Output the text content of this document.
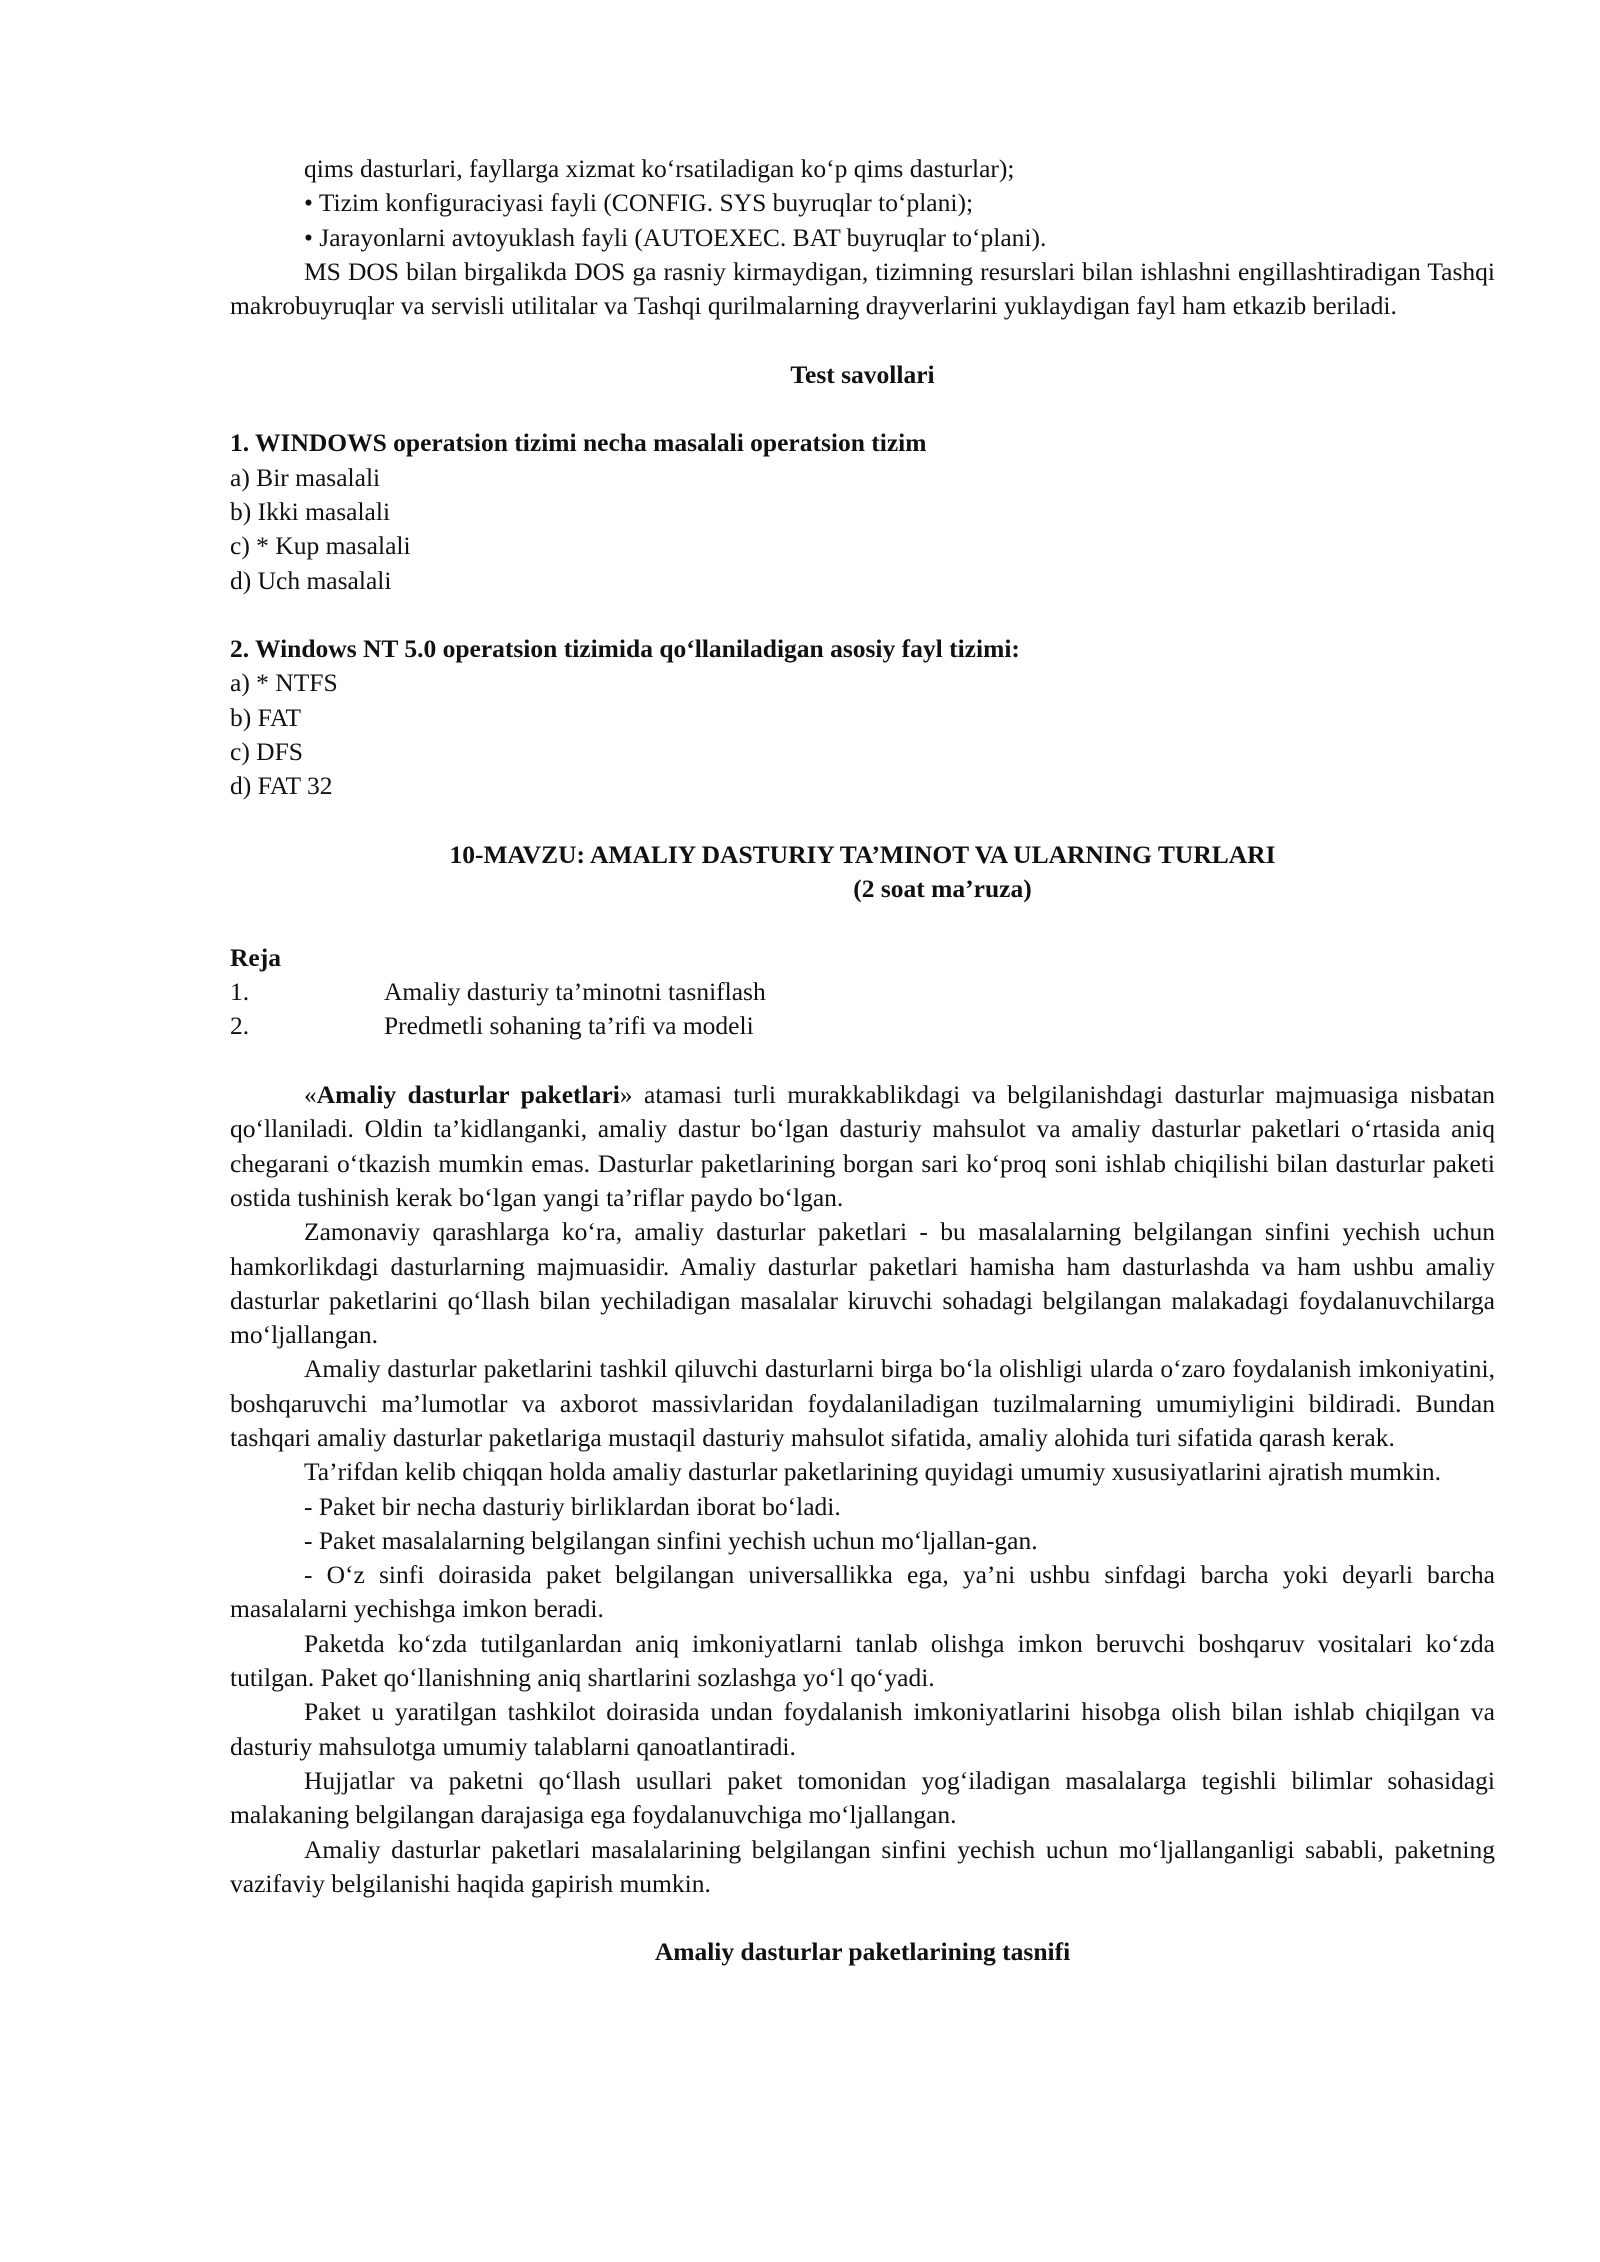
qims dasturlari, fayllarga xizmat koʻrsatiladigan koʻp qims dasturlar);

• Tizim konfiguraciyasi fayli (CONFIG. SYS buyruqlar toʻplani);

• Jarayonlarni avtoyuklash fayli (AUTOEXEC. BAT buyruqlar toʻplani).

MS DOS bilan birgalikda DOS ga rasniy kirmaydigan, tizimning resurslari bilan ishlashni engillashtiradigan Tashqi makrobuyruqlar va servisli utilitalar va Tashqi qurilmalarning drayverlarini yuklaydigan fayl ham etkazib beriladi.

Test savollari

1. WINDOWS operatsion tizimi necha masalali operatsion tizim

a) Bir masalali

b) Ikki masalali

c) * Kup masalali

d) Uch masalali

2. Windows NT 5.0 operatsion tizimida qoʻllaniladigan asosiy fayl tizimi:

a) * NTFS

b) FAT

c) DFS

d) FAT 32

10-MAVZU: AMALIY DASTURIY TA’MINOT VA ULARNING TURLARI

(2 soat ma’ruza)

Reja

1.	Amaliy dasturiy ta’minotni tasniflash
2.	Predmetli sohaning ta’rifi va modeli

«Amaliy dasturlar paketlari» atamasi turli murakkablikdagi va belgilanishdagi dasturlar majmuasiga nisbatan qoʻllaniladi. Oldin ta’kidlanganki, amaliy dastur boʻlgan dasturiy mahsulot va amaliy dasturlar paketlari oʻrtasida aniq chegarani oʻtkazish mumkin emas. Dasturlar paketlarining borgan sari koʻproq soni ishlab chiqilishi bilan dasturlar paketi ostida tushinish kerak boʻlgan yangi ta’riflar paydo boʻlgan.

Zamonaviy qarashlarga koʻra, amaliy dasturlar paketlari - bu masalalarning belgilangan sinfini yechish uchun hamkorlikdagi dasturlarning majmuasidir. Amaliy dasturlar paketlari hamisha ham dasturlashda va ham ushbu amaliy dasturlar paketlarini qoʻllash bilan yechiladigan masalalar kiruvchi sohadagi belgilangan malakadagi foydalanuvchilarga moʻljallangan.

Amaliy dasturlar paketlarini tashkil qiluvchi dasturlarni birga boʻla olishligi ularda oʻzaro foydalanish imkoniyatini, boshqaruvchi ma’lumotlar va axborot massivlaridan foydalaniladigan tuzilmalarning umumiyligini bildiradi. Bundan tashqari amaliy dasturlar paketlariga mustaqil dasturiy mahsulot sifatida, amaliy alohida turi sifatida qarash kerak.

Ta’rifdan kelib chiqqan holda amaliy dasturlar paketlarining quyidagi umumiy xususiyatlarini ajratish mumkin.

- Paket bir necha dasturiy birliklardan iborat boʻladi.

- Paket masalalarning belgilangan sinfini yechish uchun moʻljallan-gan.

- Oʻz sinfi doirasida paket belgilangan universallikka ega, ya’ni ushbu sinfdagi barcha yoki deyarli barcha masalalarni yechishga imkon beradi.

Paketda koʻzda tutilganlardan aniq imkoniyatlarni tanlab olishga imkon beruvchi boshqaruv vositalari koʻzda tutilgan. Paket qoʻllanishning aniq shartlarini sozlashga yoʻl qoʻyadi.

Paket u yaratilgan tashkilot doirasida undan foydalanish imkoniyatlarini hisobga olish bilan ishlab chiqilgan va dasturiy mahsulotga umumiy talablarni qanoatlantiradi.

Hujjatlar va paketni qoʻllash usullari paket tomonidan yogʻiladigan masalalarga tegishli bilimlar sohasidagi malakaning belgilangan darajasiga ega foydalanuvchiga moʻljallangan.

Amaliy dasturlar paketlari masalalarining belgilangan sinfini yechish uchun moʻljallanganligi sababli, paketning vazifaviy belgilanishi haqida gapirish mumkin.

Amaliy dasturlar paketlarining tasnifi
